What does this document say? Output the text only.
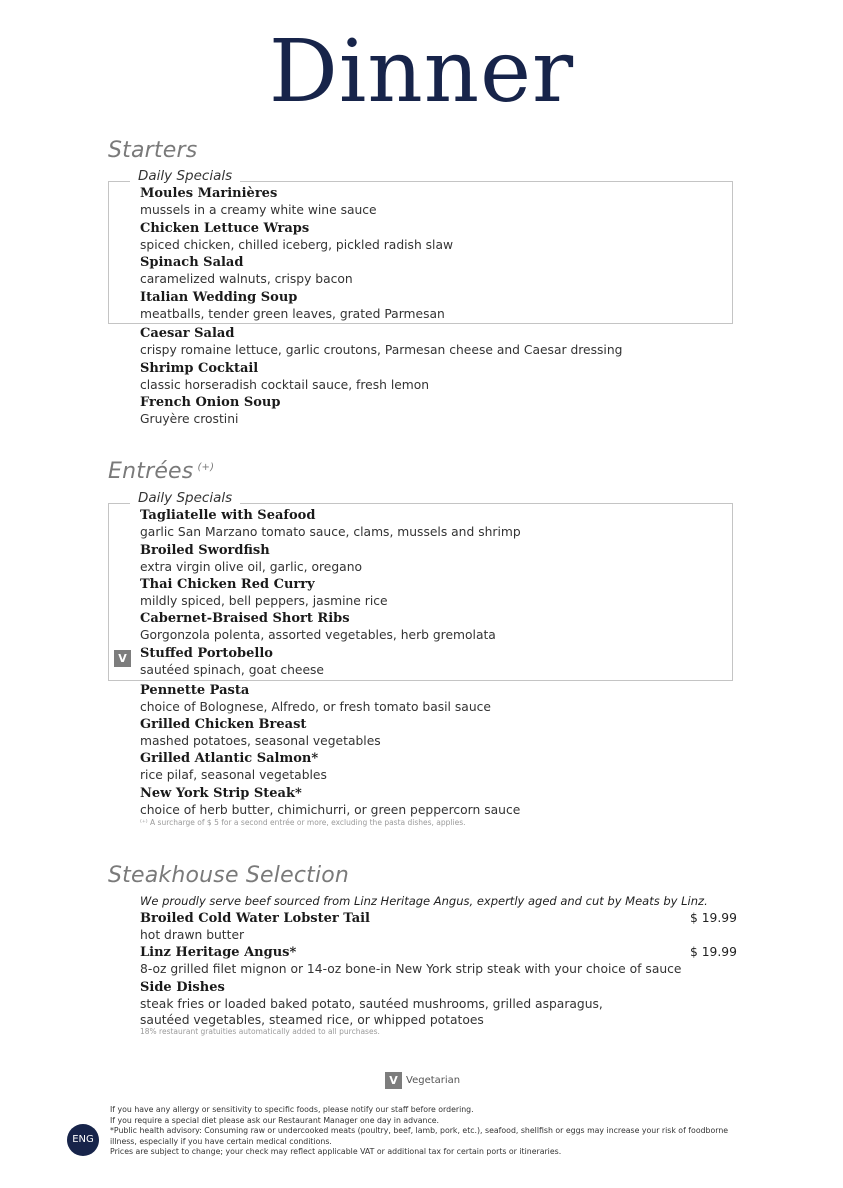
Dinner
Starters
Daily Specials
Moules Marinières
mussels in a creamy white wine sauce
Chicken Lettuce Wraps
spiced chicken, chilled iceberg, pickled radish slaw
Spinach Salad
caramelized walnuts, crispy bacon
Italian Wedding Soup
meatballs, tender green leaves, grated Parmesan
Caesar Salad
crispy romaine lettuce, garlic croutons, Parmesan cheese and Caesar dressing
Shrimp Cocktail
classic horseradish cocktail sauce, fresh lemon
French Onion Soup
Gruyère crostini
Entrées (+)
Daily Specials
Tagliatelle with Seafood
garlic San Marzano tomato sauce, clams, mussels and shrimp
Broiled Swordfish
extra virgin olive oil, garlic, oregano
Thai Chicken Red Curry
mildly spiced, bell peppers, jasmine rice
Cabernet-Braised Short Ribs
Gorgonzola polenta, assorted vegetables, herb gremolata
V	Stuffed Portobello
sautéed spinach, goat cheese
Pennette Pasta
choice of Bolognese, Alfredo, or fresh tomato basil sauce
Grilled Chicken Breast
mashed potatoes, seasonal vegetables
Grilled Atlantic Salmon*
rice pilaf, seasonal vegetables
New York Strip Steak*
choice of herb butter, chimichurri, or green peppercorn sauce
⁽⁺⁾ A surcharge of $ 5 for a second entrée or more, excluding the pasta dishes, applies.
Steakhouse Selection
We proudly serve beef sourced from Linz Heritage Angus, expertly aged and cut by Meats by Linz.
Broiled Cold Water Lobster Tail
hot drawn butter
$ 19.99
Linz Heritage Angus*
8-oz grilled filet mignon or 14-oz bone-in New York strip steak with your choice of sauce
$ 19.99
Side Dishes
steak fries or loaded baked potato, sautéed mushrooms, grilled asparagus,
sautéed vegetables, steamed rice, or whipped potatoes
18% restaurant gratuities automatically added to all purchases.
V Vegetarian
If you have any allergy or sensitivity to specific foods, please notify our staff before ordering.
If you require a special diet please ask our Restaurant Manager one day in advance.
*Public health advisory: Consuming raw or undercooked meats (poultry, beef, lamb, pork, etc.), seafood, shellfish or eggs may increase your risk of foodborne
illness, especially if you have certain medical conditions.
Prices are subject to change; your check may reflect applicable VAT or additional tax for certain ports or itineraries.
ENG
